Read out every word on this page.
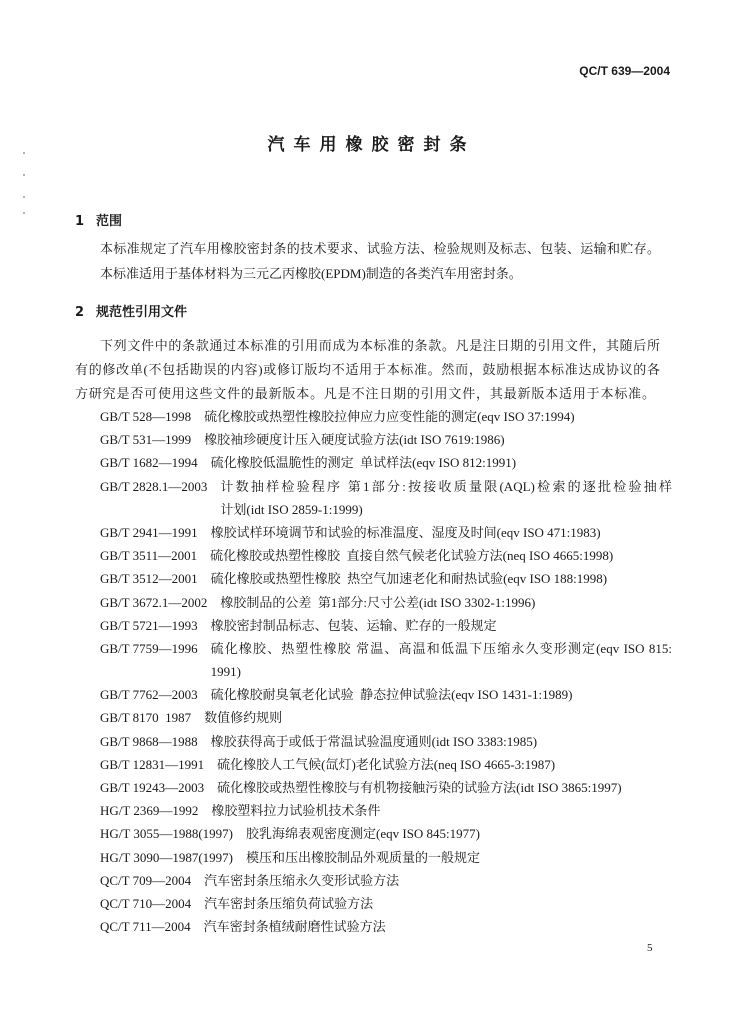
QC/T 639—2004
汽车用橡胶密封条
1 范围
本标准规定了汽车用橡胶密封条的技术要求、试验方法、检验规则及标志、包装、运输和贮存。
本标准适用于基体材料为三元乙丙橡胶(EPDM)制造的各类汽车用密封条。
2 规范性引用文件
下列文件中的条款通过本标准的引用而成为本标准的条款。凡是注日期的引用文件，其随后所
有的修改单(不包括勘误的内容)或修订版均不适用于本标准。然而，鼓励根据本标准达成协议的各
方研究是否可使用这些文件的最新版本。凡是不注日期的引用文件，其最新版本适用于本标准。
GB/T 528—1998 硫化橡胶或热塑性橡胶拉伸应力应变性能的测定(eqv ISO 37:1994)
GB/T 531—1999 橡胶袖珍硬度计压入硬度试验方法(idt ISO 7619:1986)
GB/T 1682—1994 硫化橡胶低温脆性的测定  单试样法(eqv ISO 812:1991)
GB/T 2828.1—2003 计数抽样检验程序 第1部分:按接收质量限(AQL)检索的逐批检验抽样
计划(idt ISO 2859-1:1999)
GB/T 2941—1991 橡胶试样环境调节和试验的标准温度、湿度及时间(eqv ISO 471:1983)
GB/T 3511—2001 硫化橡胶或热塑性橡胶  直接自然气候老化试验方法(neq ISO 4665:1998)
GB/T 3512—2001 硫化橡胶或热塑性橡胶  热空气加速老化和耐热试验(eqv ISO 188:1998)
GB/T 3672.1—2002 橡胶制品的公差  第1部分:尺寸公差(idt ISO 3302-1:1996)
GB/T 5721—1993 橡胶密封制品标志、包装、运输、贮存的一般规定
GB/T 7759—1996 硫化橡胶、热塑性橡胶 常温、高温和低温下压缩永久变形测定(eqv ISO 815:
1991)
GB/T 7762—2003 硫化橡胶耐臭氧老化试验  静态拉伸试验法(eqv ISO 1431-1:1989)
GB/T 8170  1987 数值修约规则
GB/T 9868—1988 橡胶获得高于或低于常温试验温度通则(idt ISO 3383:1985)
GB/T 12831—1991 硫化橡胶人工气候(氙灯)老化试验方法(neq ISO 4665-3:1987)
GB/T 19243—2003 硫化橡胶或热塑性橡胶与有机物接触污染的试验方法(idt ISO 3865:1997)
HG/T 2369—1992 橡胶塑料拉力试验机技术条件
HG/T 3055—1988(1997) 胶乳海绵表观密度测定(eqv ISO 845:1977)
HG/T 3090—1987(1997) 模压和压出橡胶制品外观质量的一般规定
QC/T 709—2004 汽车密封条压缩永久变形试验方法
QC/T 710—2004 汽车密封条压缩负荷试验方法
QC/T 711—2004 汽车密封条植绒耐磨性试验方法
5
